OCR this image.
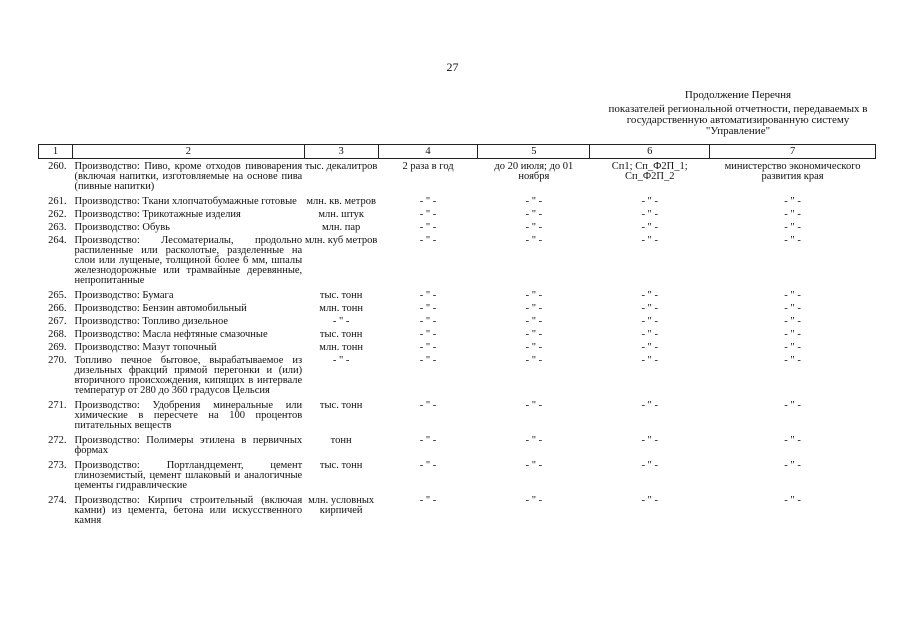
27
Продолжение Перечня
показателей региональной отчетности, передаваемых в государственную автоматизированную систему "Управление"
1	2	3	4	5	6	7
260.	Производство: Пиво, кроме отходов пивоварения (включая напитки, изготовляемые на основе пива (пивные напитки)	тыс. декалитров	2 раза в год	до 20 июля; до 01 ноября	Сп1; Сп_Ф2П_1; Сп_Ф2П_2	министерство экономического развития края
261.	Производство: Ткани хлопчатобумажные готовые	млн. кв. метров	- " -	- " -	- " -	- " -
262.	Производство: Трикотажные изделия	млн. штук	- " -	- " -	- " -	- " -
263.	Производство: Обувь	млн. пар	- " -	- " -	- " -	- " -
264.	Производство: Лесоматериалы, продольно распиленные или расколотые, разделенные на слои или лущеные, толщиной более 6 мм, шпалы железнодорожные или трамвайные деревянные, непропитанные	млн. куб метров	- " -	- " -	- " -	- " -
265.	Производство: Бумага	тыс. тонн	- " -	- " -	- " -	- " -
266.	Производство: Бензин автомобильный	млн. тонн	- " -	- " -	- " -	- " -
267.	Производство: Топливо дизельное	- " -	- " -	- " -	- " -	- " -
268.	Производство: Масла нефтяные смазочные	тыс. тонн	- " -	- " -	- " -	- " -
269.	Производство: Мазут топочный	млн. тонн	- " -	- " -	- " -	- " -
270.	Топливо печное бытовое, вырабатываемое из дизельных фракций прямой перегонки и (или) вторичного происхождения, кипящих в интервале температур от 280 до 360 градусов Цельсия	- " -	- " -	- " -	- " -	- " -
271.	Производство: Удобрения минеральные или химические в пересчете на 100 процентов питательных веществ	тыс. тонн	- " -	- " -	- " -	- " -
272.	Производство: Полимеры этилена в первичных формах	тонн	- " -	- " -	- " -	- " -
273.	Производство: Портландцемент, цемент глиноземистый, цемент шлаковый и аналогичные цементы гидравлические	тыс. тонн	- " -	- " -	- " -	- " -
274.	Производство: Кирпич строительный (включая камни) из цемента, бетона или искусственного камня	млн. условных кирпичей	- " -	- " -	- " -	- " -
